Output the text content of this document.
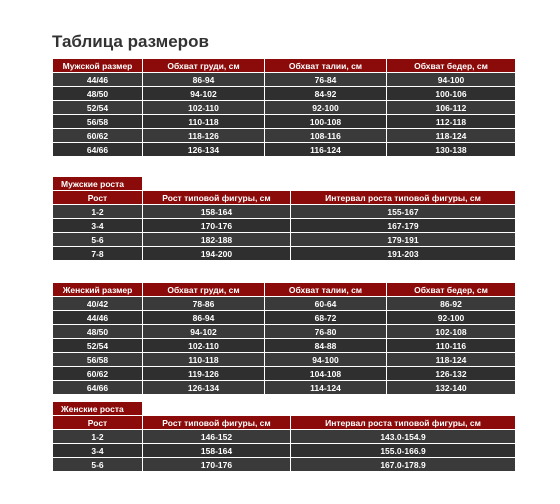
Таблица размеров
Мужской размер	Обхват груди, см	Обхват талии, см	Обхват бедер, см
44/46	86-94	76-84	94-100
48/50	94-102	84-92	100-106
52/54	102-110	92-100	106-112
56/58	110-118	100-108	112-118
60/62	118-126	108-116	118-124
64/66	126-134	116-124	130-138
Мужские роста		
Рост	Рост типовой фигуры, см	Интервал роста типовой фигуры, см
1-2	158-164	155-167
3-4	170-176	167-179
5-6	182-188	179-191
7-8	194-200	191-203
Женский размер	Обхват груди, см	Обхват талии, см	Обхват бедер, см
40/42	78-86	60-64	86-92
44/46	86-94	68-72	92-100
48/50	94-102	76-80	102-108
52/54	102-110	84-88	110-116
56/58	110-118	94-100	118-124
60/62	119-126	104-108	126-132
64/66	126-134	114-124	132-140
Женские роста		
Рост	Рост типовой фигуры, см	Интервал роста типовой фигуры, см
1-2	146-152	143.0-154.9
3-4	158-164	155.0-166.9
5-6	170-176	167.0-178.9
